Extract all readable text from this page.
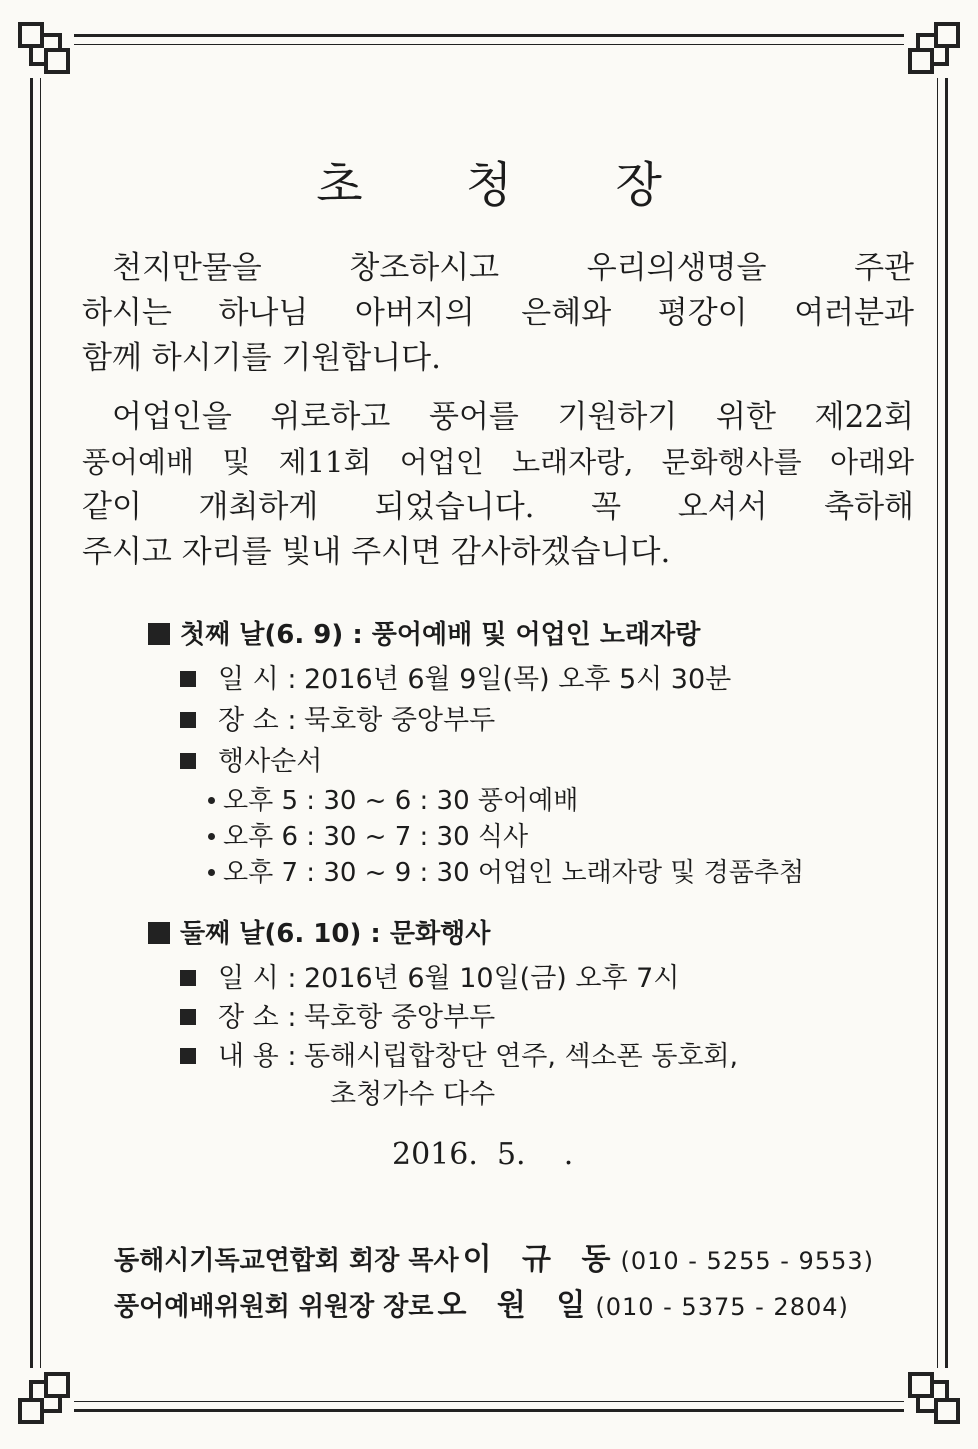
초 청 장
천지만물을 창조하시고 우리의생명을 주관
하시는 하나님 아버지의 은혜와 평강이 여러분과
함께 하시기를 기원합니다.
어업인을 위로하고 풍어를 기원하기 위한 제22회
풍어예배 및 제11회 어업인 노래자랑, 문화행사를 아래와
같이 개최하게 되었습니다. 꼭 오셔서 축하해
주시고 자리를 빛내 주시면 감사하겠습니다.
첫째 날(6. 9) : 풍어예배 및 어업인 노래자랑
일 시 : 2016년 6월 9일(목) 오후 5시 30분
장 소 : 묵호항 중앙부두
행사순서
오후 5 : 30 ~ 6 : 30 풍어예배
오후 6 : 30 ~ 7 : 30 식사
오후 7 : 30 ~ 9 : 30 어업인 노래자랑 및 경품추첨
둘째 날(6. 10) : 문화행사
일 시 : 2016년 6월 10일(금) 오후 7시
장 소 : 묵호항 중앙부두
내 용 : 동해시립합창단 연주, 섹소폰 동호회,
초청가수 다수
2016.  5.    .
동해시기독교연합회 회장 목사 이 규 동(010 - 5255 - 9553)
풍어예배위원회 위원장 장로 오 원 일(010 - 5375 - 2804)
